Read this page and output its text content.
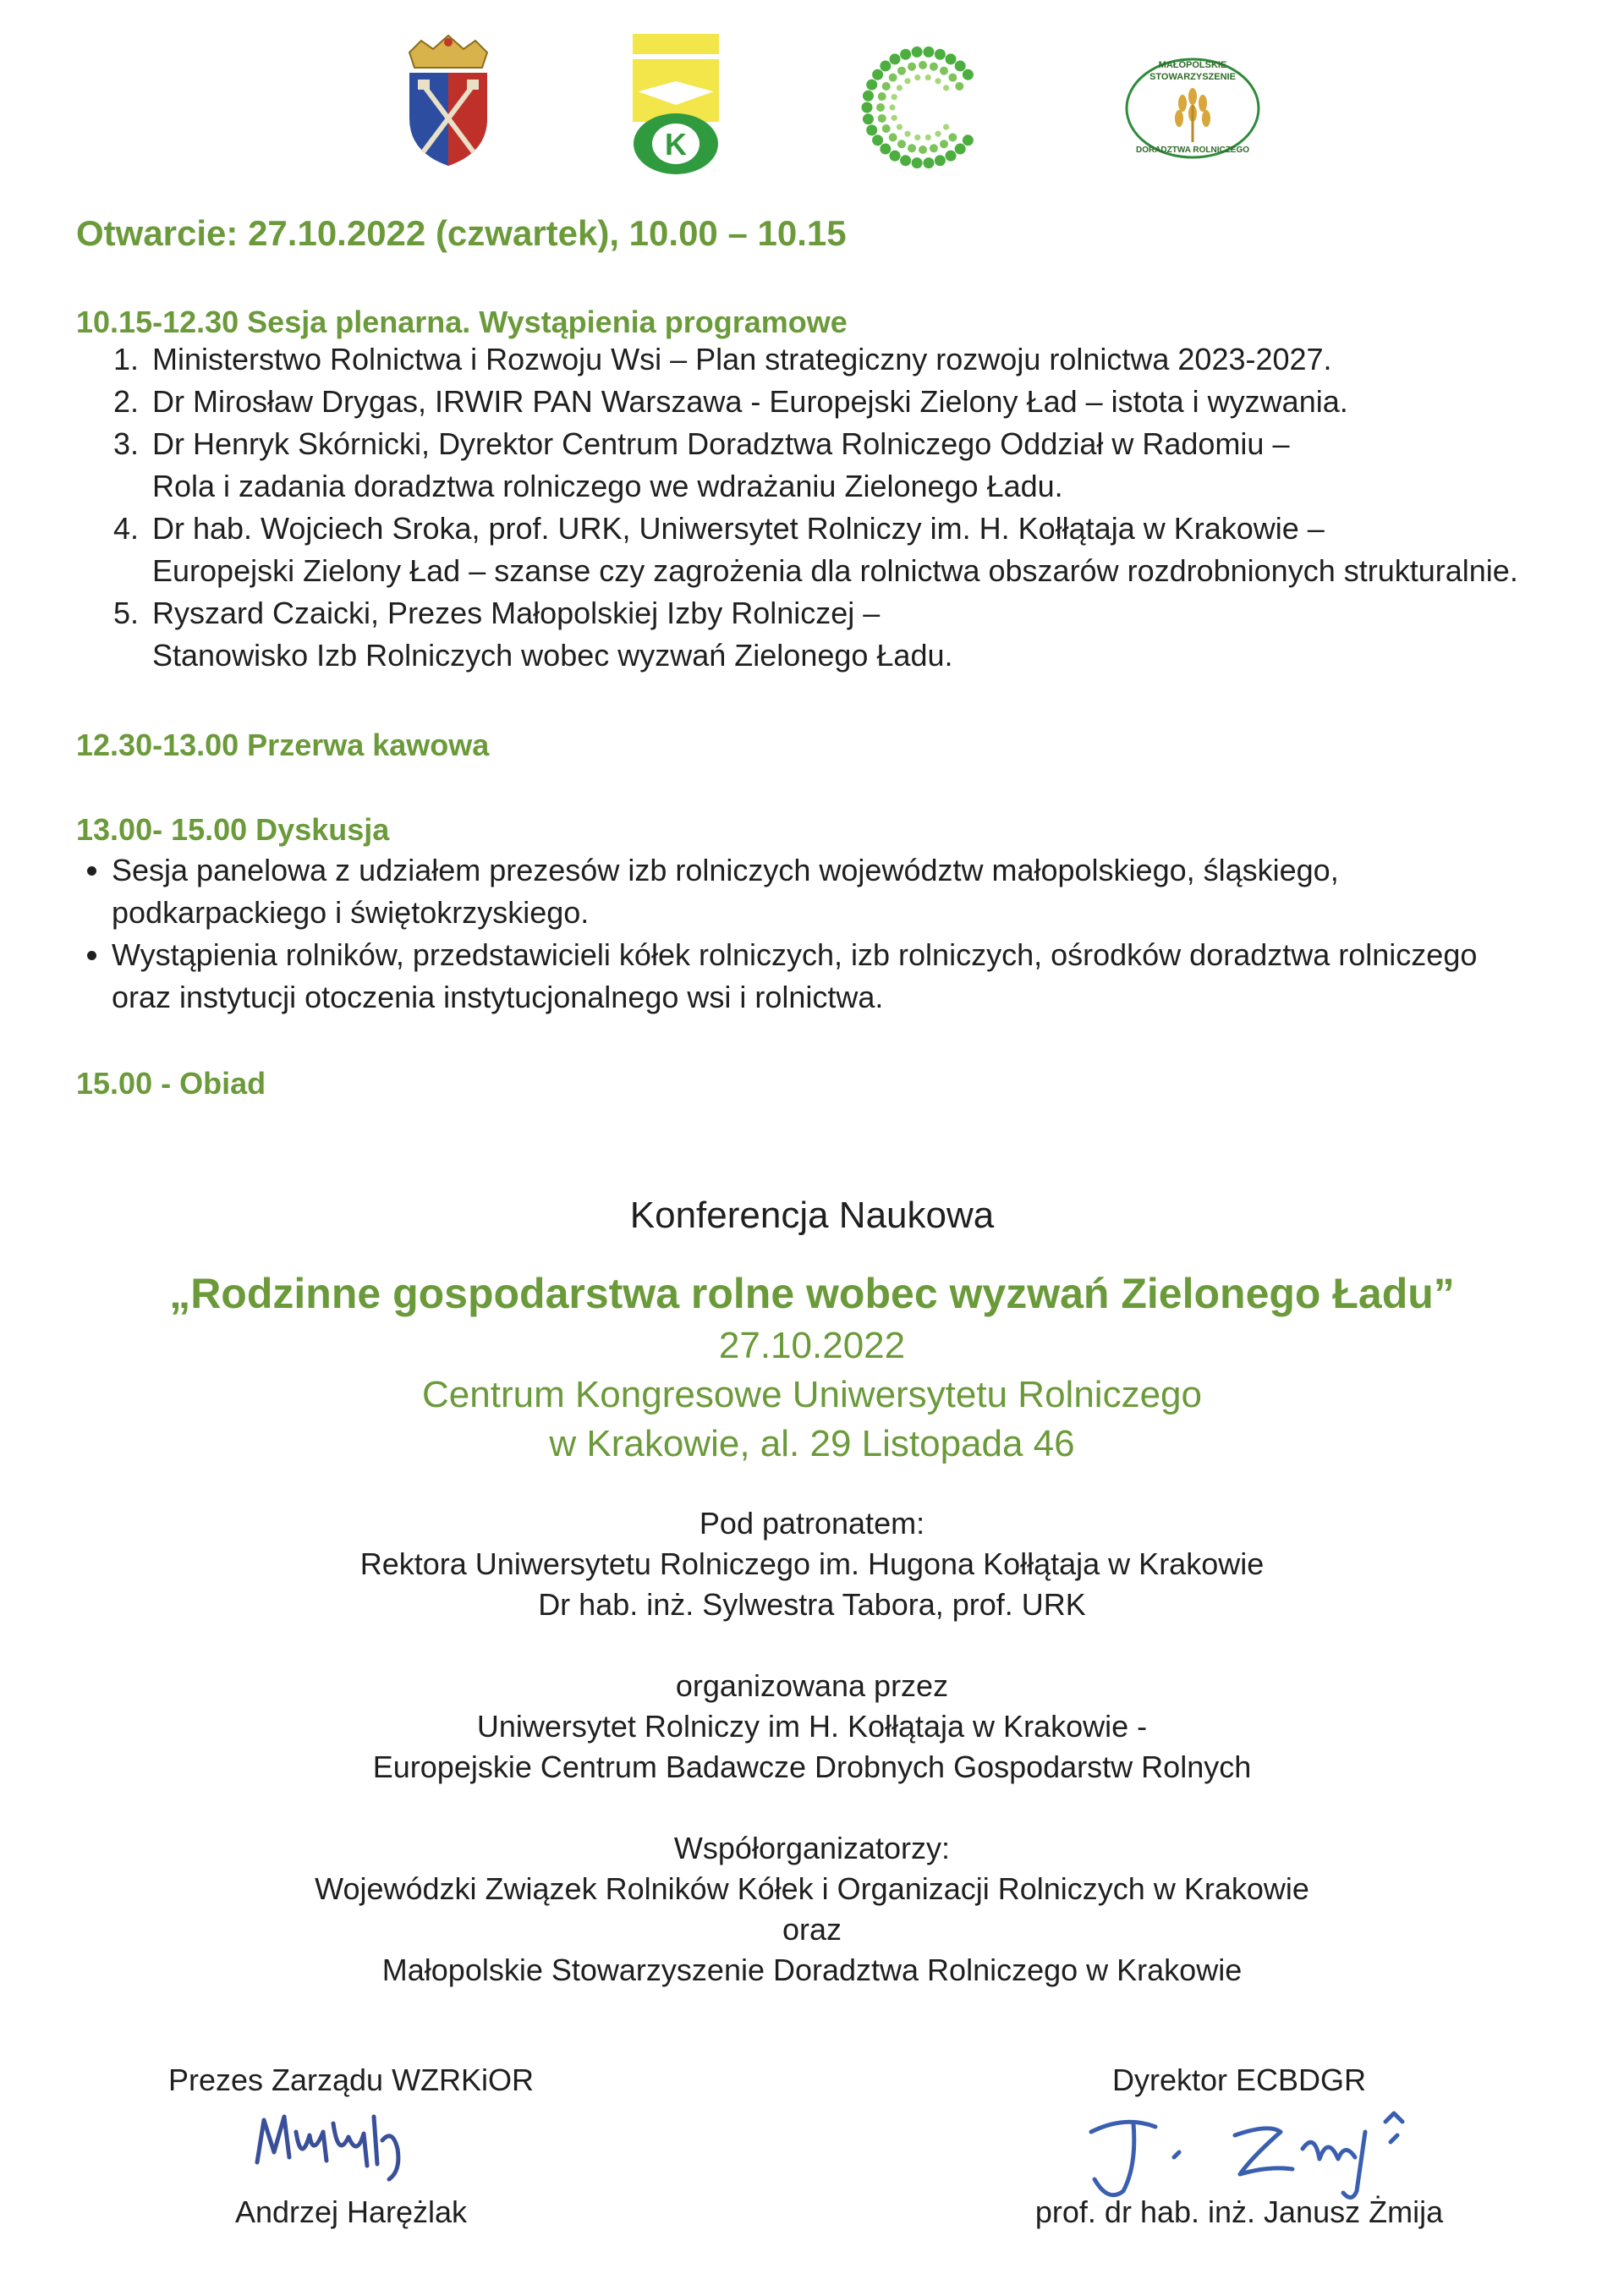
K
MAŁOPOLSKIE
STOWARZYSZENIE
DORADZTWA ROLNICZEGO
Otwarcie: 27.10.2022 (czwartek), 10.00 – 10.15
10.15-12.30 Sesja plenarna. Wystąpienia programowe
1. Ministerstwo Rolnictwa i Rozwoju Wsi – Plan strategiczny rozwoju rolnictwa 2023-2027.
2. Dr Mirosław Drygas, IRWIR PAN Warszawa - Europejski Zielony Ład – istota i wyzwania.
3. Dr Henryk Skórnicki, Dyrektor Centrum Doradztwa Rolniczego Oddział w Radomiu –
Rola i zadania doradztwa rolniczego we wdrażaniu Zielonego Ładu.
4. Dr hab. Wojciech Sroka, prof. URK, Uniwersytet Rolniczy im. H. Kołłątaja w Krakowie –
Europejski Zielony Ład – szanse czy zagrożenia dla rolnictwa obszarów rozdrobnionych strukturalnie.
5. Ryszard Czaicki, Prezes Małopolskiej Izby Rolniczej –
Stanowisko Izb Rolniczych wobec wyzwań Zielonego Ładu.
12.30-13.00 Przerwa kawowa
13.00- 15.00 Dyskusja
• Sesja panelowa z udziałem prezesów izb rolniczych województw małopolskiego, śląskiego,
podkarpackiego i świętokrzyskiego.
• Wystąpienia rolników, przedstawicieli kółek rolniczych, izb rolniczych, ośrodków doradztwa rolniczego
oraz instytucji otoczenia instytucjonalnego wsi i rolnictwa.
15.00 - Obiad
Konferencja Naukowa
„Rodzinne gospodarstwa rolne wobec wyzwań Zielonego Ładu”
27.10.2022
Centrum Kongresowe Uniwersytetu Rolniczego
w Krakowie, al. 29 Listopada 46
Pod patronatem:
Rektora Uniwersytetu Rolniczego im. Hugona Kołłątaja w Krakowie
Dr hab. inż. Sylwestra Tabora, prof. URK
organizowana przez
Uniwersytet Rolniczy im H. Kołłątaja w Krakowie -
Europejskie Centrum Badawcze Drobnych Gospodarstw Rolnych
Współorganizatorzy:
Wojewódzki Związek Rolników Kółek i Organizacji Rolniczych w Krakowie
oraz
Małopolskie Stowarzyszenie Doradztwa Rolniczego w Krakowie
Prezes Zarządu WZRKiOR
Andrzej Harężlak
Dyrektor ECBDGR
prof. dr hab. inż. Janusz Żmija
